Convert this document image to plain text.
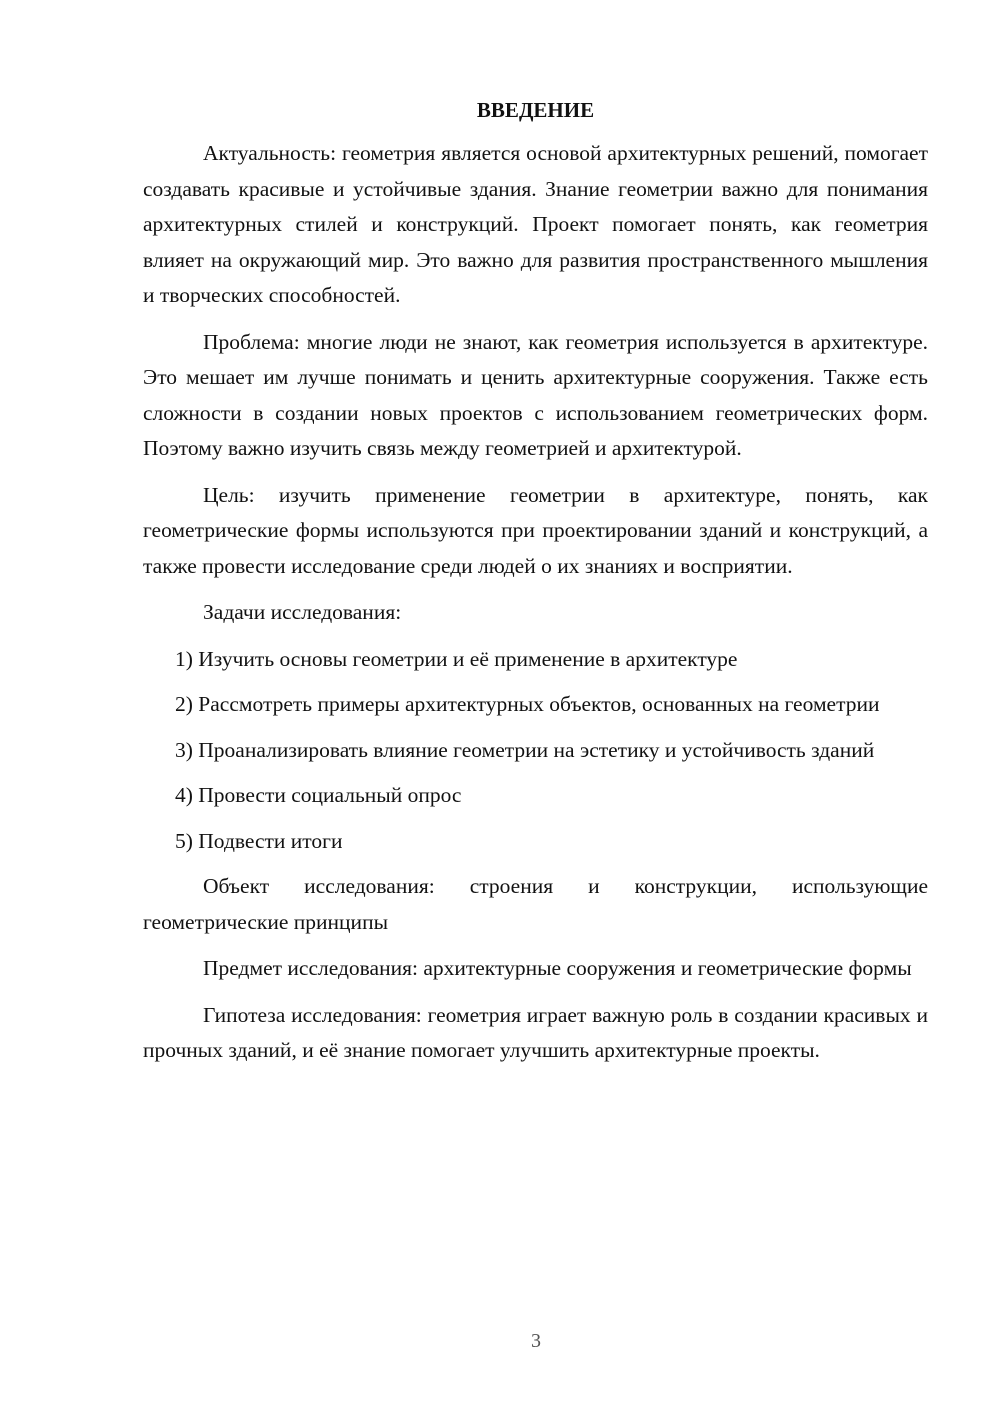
ВВЕДЕНИЕ

Актуальность: геометрия является основой архитектурных решений, помогает создавать красивые и устойчивые здания. Знание геометрии важно для понимания архитектурных стилей и конструкций. Проект помогает понять, как геометрия влияет на окружающий мир. Это важно для развития пространственного мышления и творческих способностей.

Проблема: многие люди не знают, как геометрия используется в архитектуре. Это мешает им лучше понимать и ценить архитектурные сооружения. Также есть сложности в создании новых проектов с использованием геометрических форм. Поэтому важно изучить связь между геометрией и архитектурой.

Цель: изучить применение геометрии в архитектуре, понять, как геометрические формы используются при проектировании зданий и конструкций, а также провести исследование среди людей о их знаниях и восприятии.

Задачи исследования:

1) Изучить основы геометрии и её применение в архитектуре

2) Рассмотреть примеры архитектурных объектов, основанных на геометрии

3) Проанализировать влияние геометрии на эстетику и устойчивость зданий

4) Провести социальный опрос

5) Подвести итоги

Объект исследования: строения и конструкции, использующие геометрические принципы

Предмет исследования: архитектурные сооружения и геометрические формы

Гипотеза исследования: геометрия играет важную роль в создании красивых и прочных зданий, и её знание помогает улучшить архитектурные проекты.

3
